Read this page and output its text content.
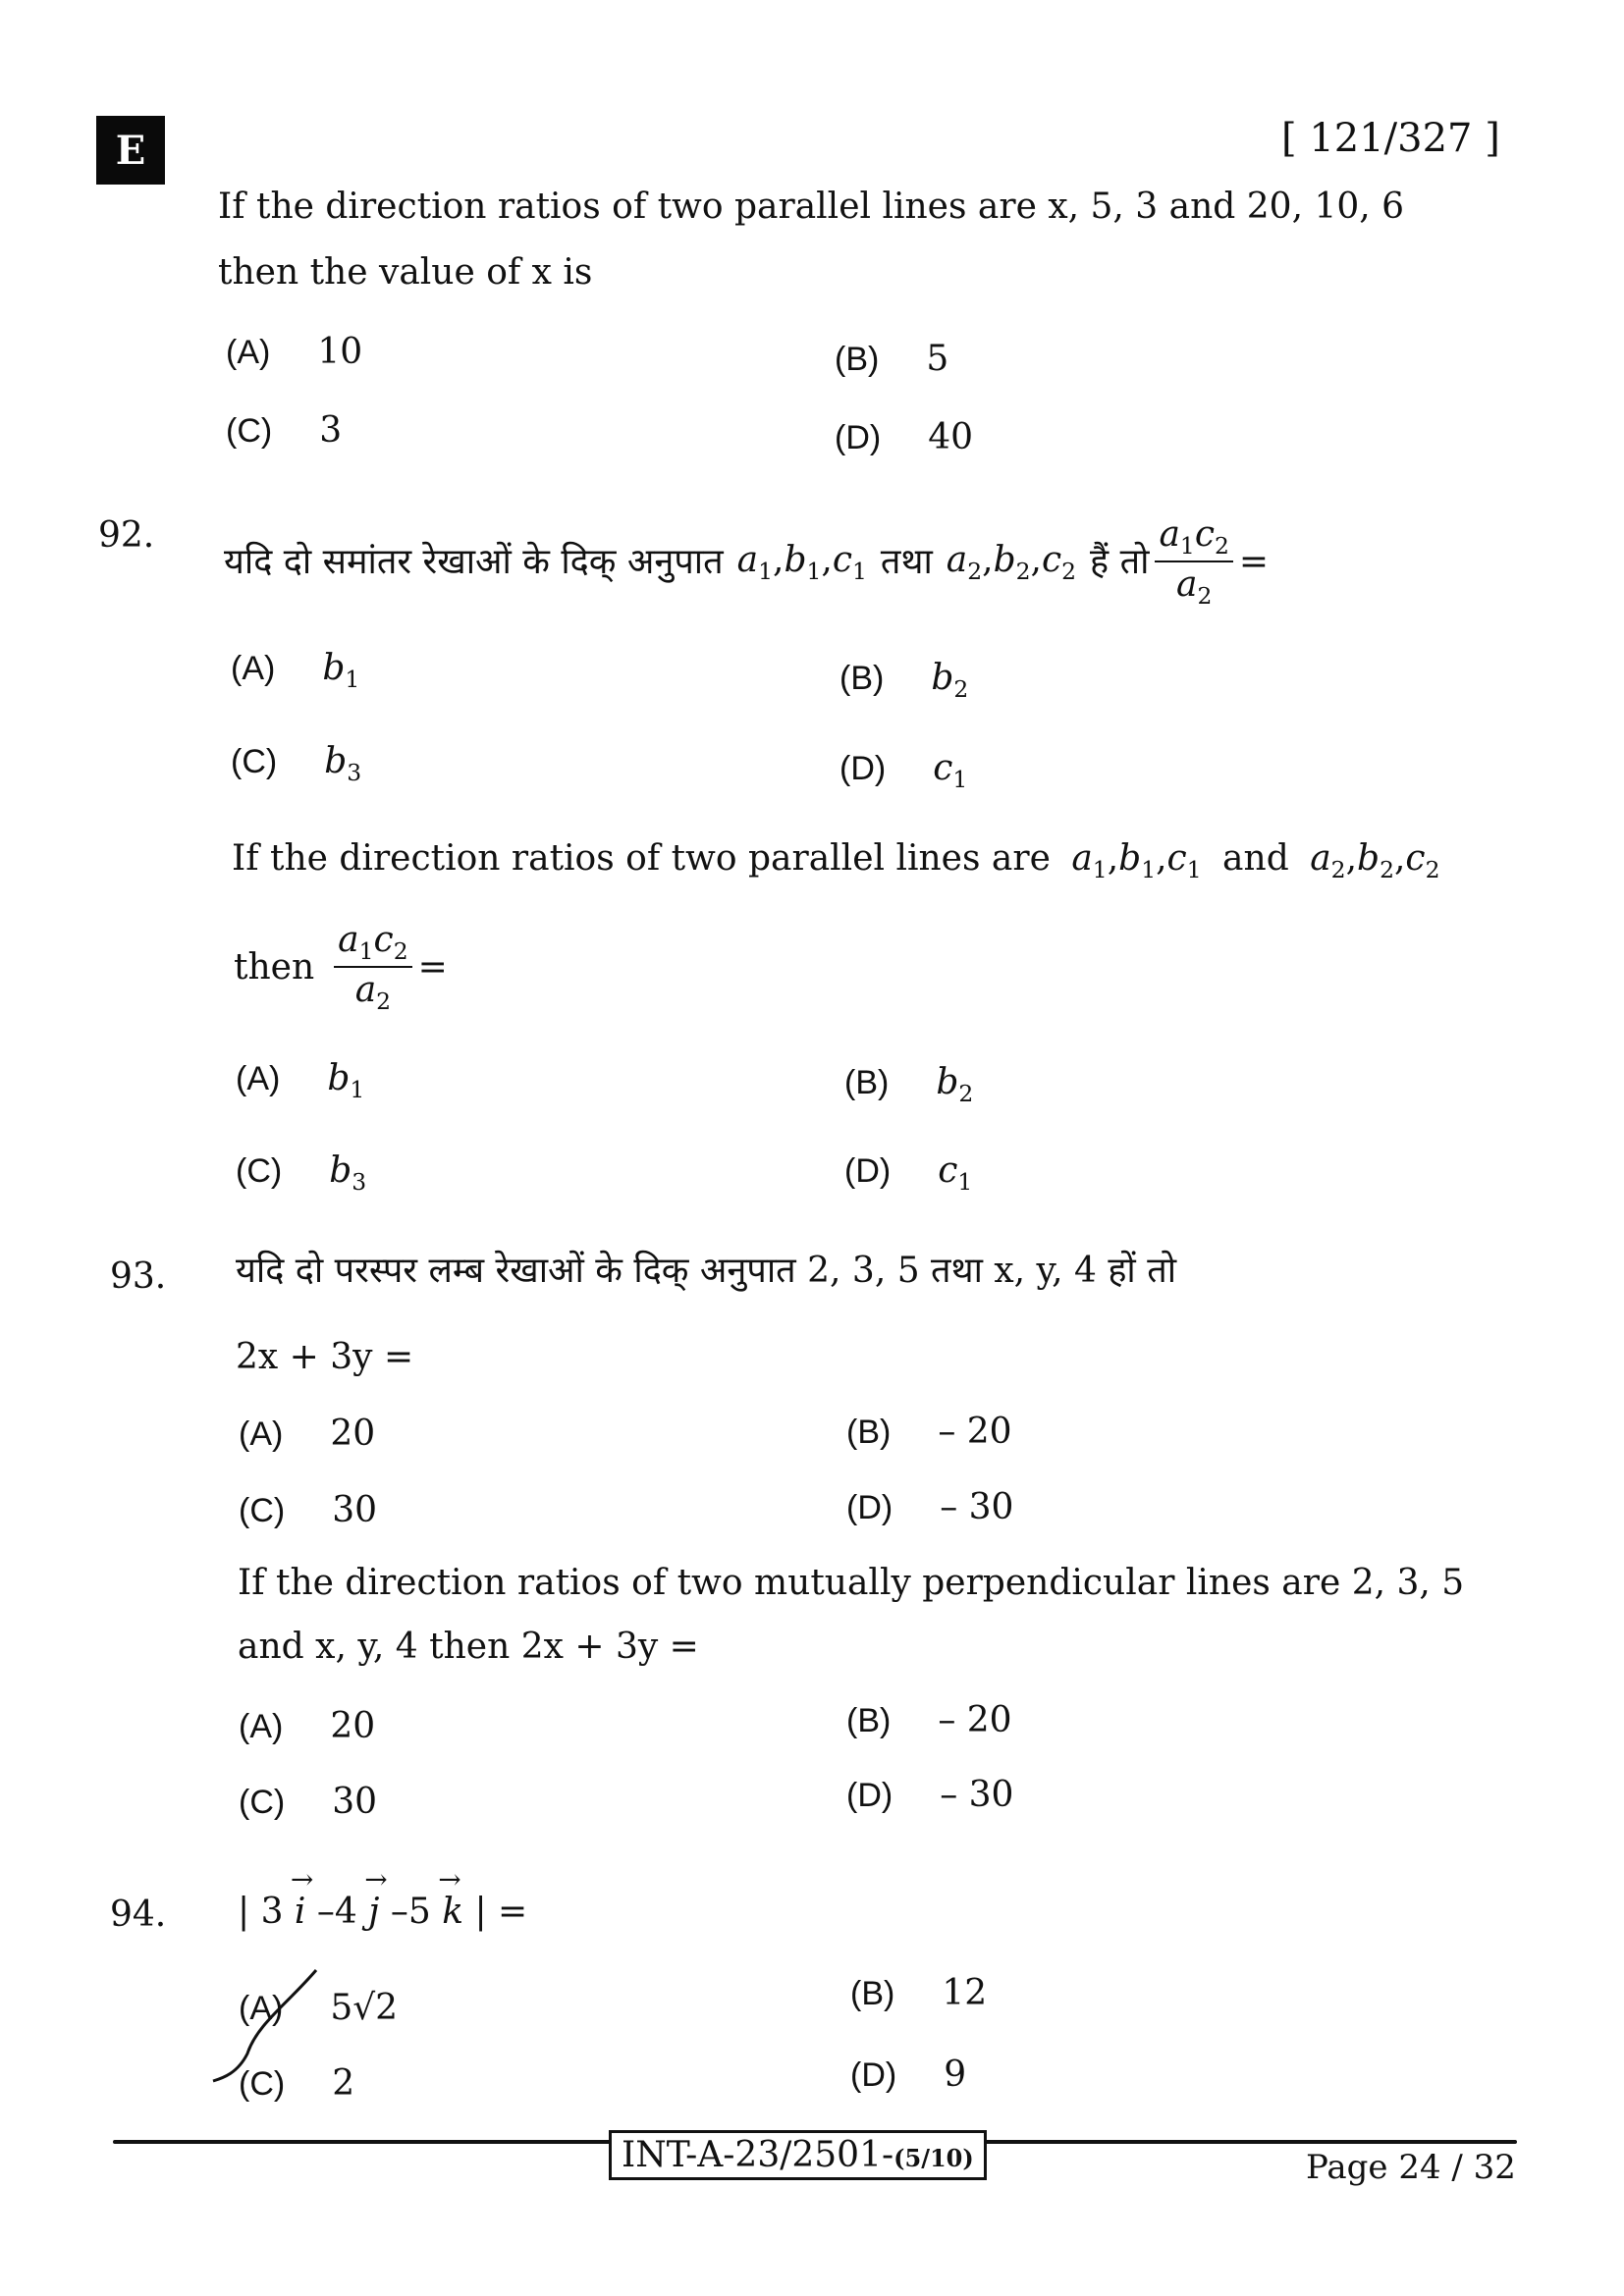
E	[ 121/327 ]
If the direction ratios of two parallel lines are x, 5, 3 and 20, 10, 6
then the value of x is
(A) 10	(B) 5
(C) 3	(D) 40
92.
यदि दो समांतर रेखाओं के दिक् अनुपात $a_1,b_1,c_1$ तथा $a_2,b_2,c_2$ हैं तो $\frac{a_1c_2}{a_2}$ =
(A) $b_1$	(B) $b_2$
(C) $b_3$	(D) $c_1$
If the direction ratios of two parallel lines are $a_1,b_1,c_1$ and $a_2,b_2,c_2$
then $\frac{a_1c_2}{a_2}$ =
(A) $b_1$	(B) $b_2$
(C) $b_3$	(D) $c_1$
93. यदि दो परस्पर लम्ब रेखाओं के दिक् अनुपात 2, 3, 5 तथा x, y, 4 हों तो
2x + 3y =
(A) 20	(B) – 20
(C) 30	(D) – 30
If the direction ratios of two mutually perpendicular lines are 2, 3, 5
and x, y, 4 then 2x + 3y =
(A) 20	(B) – 20
(C) 30	(D) – 30
94. | 3 → i –4 → j –5 → k | =
(A) 5√2	(B) 12
(C) 2	(D) 9
INT-A-23/2501-(5/10)	Page 24 / 32
